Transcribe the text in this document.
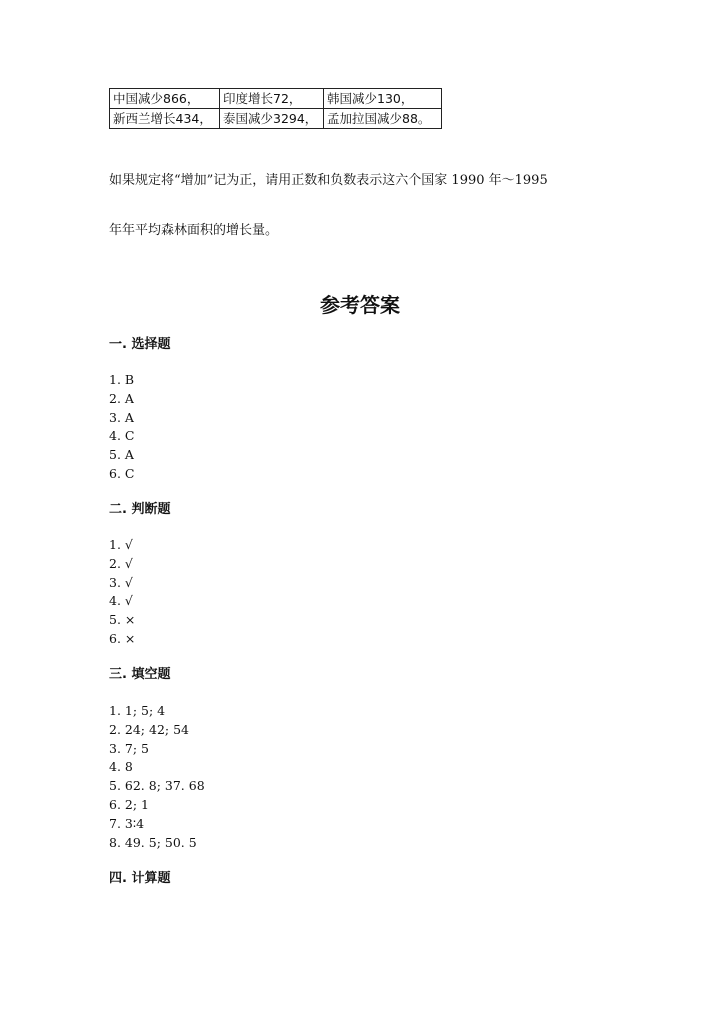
中国减少866，	印度增长72，	韩国减少130，
新西兰增长434，	泰国减少3294，	孟加拉国减少88。
如果规定将“增加”记为正，请用正数和负数表示这六个国家 1990 年～1995
年年平均森林面积的增长量。
参考答案
一. 选择题
1. B
2. A
3. A
4. C
5. A
6. C
二. 判断题
1. √
2. √
3. √
4. √
5. ×
6. ×
三. 填空题
1. 1; 5; 4
2. 24; 42; 54
3. 7; 5
4. 8
5. 62. 8; 37. 68
6. 2; 1
7. 3∶4
8. 49. 5; 50. 5
四. 计算题
